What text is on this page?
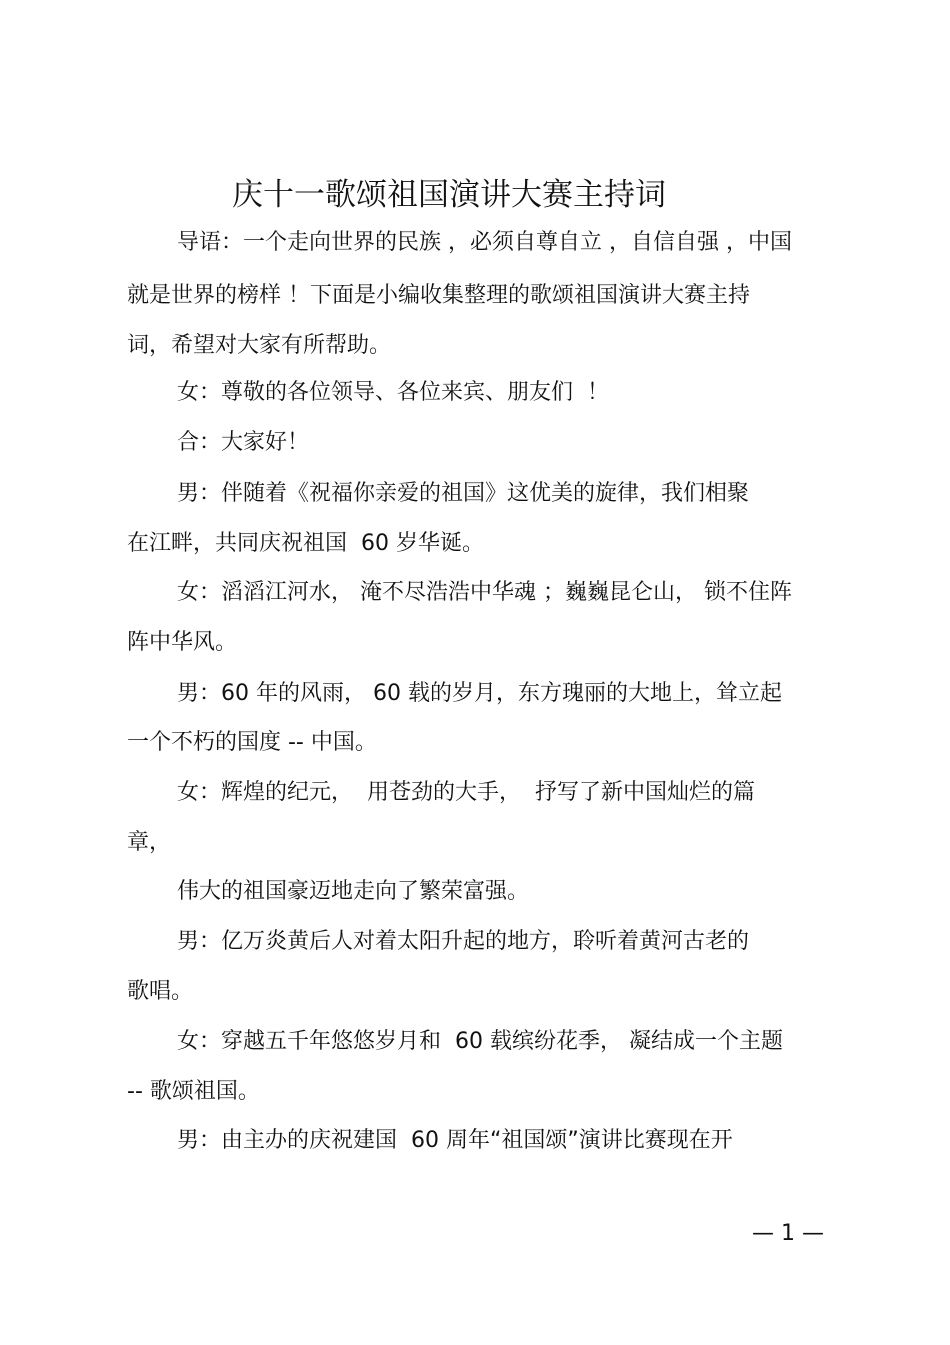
庆十一歌颂祖国演讲大赛主持词
导语：一个走向世界的民族 ，必须自尊自立 ，自信自强 ，中国
就是世界的榜样 ！下面是小编收集整理的歌颂祖国演讲大赛主持
词，希望对大家有所帮助。
女：尊敬的各位领导、各位来宾、朋友们  ！
合：大家好！
男：伴随着《祝福你亲爱的祖国》这优美的旋律，我们相聚
在江畔，共同庆祝祖国  60 岁华诞。
女：滔滔江河水， 淹不尽浩浩中华魂 ；巍巍昆仑山， 锁不住阵
阵中华风。
男：60 年的风雨， 60 载的岁月，东方瑰丽的大地上，耸立起
一个不朽的国度 -- 中国。
女：辉煌的纪元，  用苍劲的大手，  抒写了新中国灿烂的篇
章，
伟大的祖国豪迈地走向了繁荣富强。
男：亿万炎黄后人对着太阳升起的地方，聆听着黄河古老的
歌唱。
女：穿越五千年悠悠岁月和  60 载缤纷花季， 凝结成一个主题
-- 歌颂祖国。
男：由主办的庆祝建国  60 周年“祖国颂”演讲比赛现在开
— 1 —
